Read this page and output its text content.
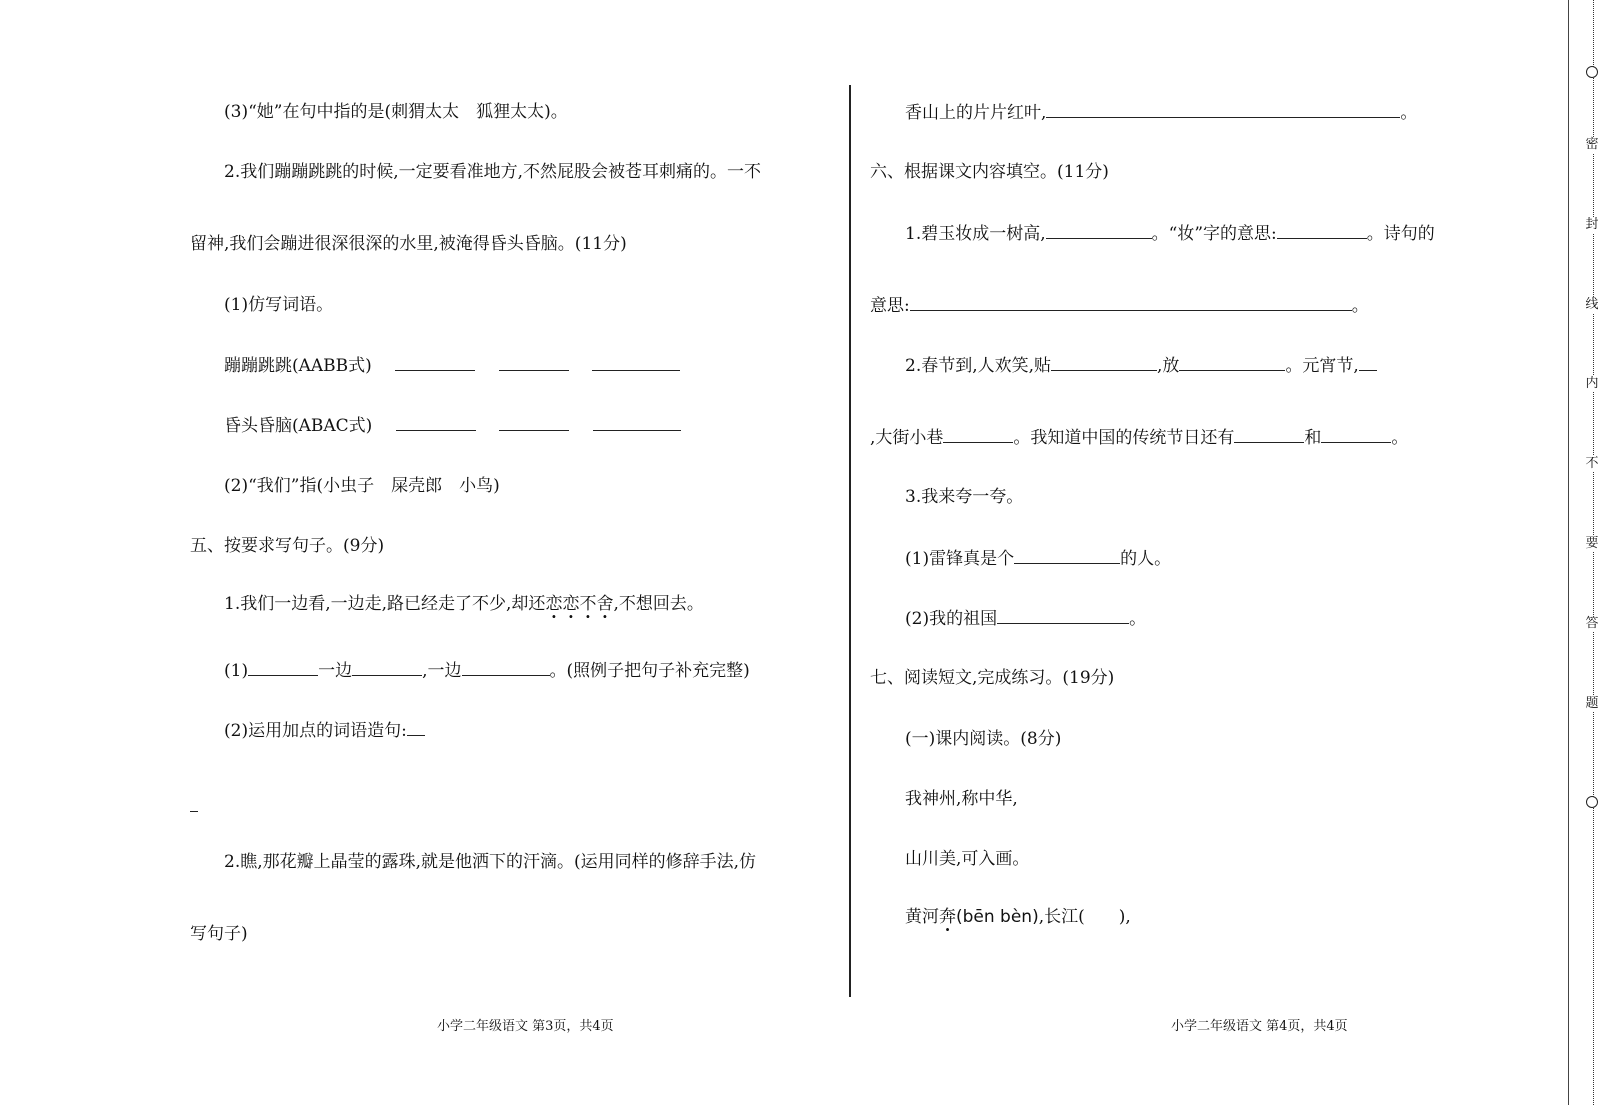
(3)“她”在句中指的是(刺猬太太　狐狸太太)。
2.我们蹦蹦跳跳的时候,一定要看准地方,不然屁股会被苍耳刺痛的。一不
留神,我们会蹦进很深很深的水里,被淹得昏头昏脑。(11分)
(1)仿写词语。
蹦蹦跳跳(AABB式)
昏头昏脑(ABAC式)
(2)“我们”指(小虫子　屎壳郎　小鸟)
五、按要求写句子。(9分)
1.我们一边看,一边走,路已经走了不少,却还恋恋不舍,不想回去。
(1)	一边	,一边	。(照例子把句子补充完整)
(2)运用加点的词语造句:
2.瞧,那花瓣上晶莹的露珠,就是他洒下的汗滴。(运用同样的修辞手法,仿
写句子)
香山上的片片红叶,	。
六、根据课文内容填空。(11分)
1.碧玉妆成一树高,	。“妆”字的意思:	。诗句的
意思:	。
2.春节到,人欢笑,贴	,放	。元宵节,
,大街小巷	。我知道中国的传统节日还有	和	。
3.我来夸一夸。
(1)雷锋真是个	的人。
(2)我的祖国	。
七、阅读短文,完成练习。(19分)
(一)课内阅读。(8分)
我神州,称中华,
山川美,可入画。
黄河奔(bēn bèn),长江(　　),
小学二年级语文 第3页，共4页	小学二年级语文 第4页，共4页
密
封
线
内
不
要
答
题
